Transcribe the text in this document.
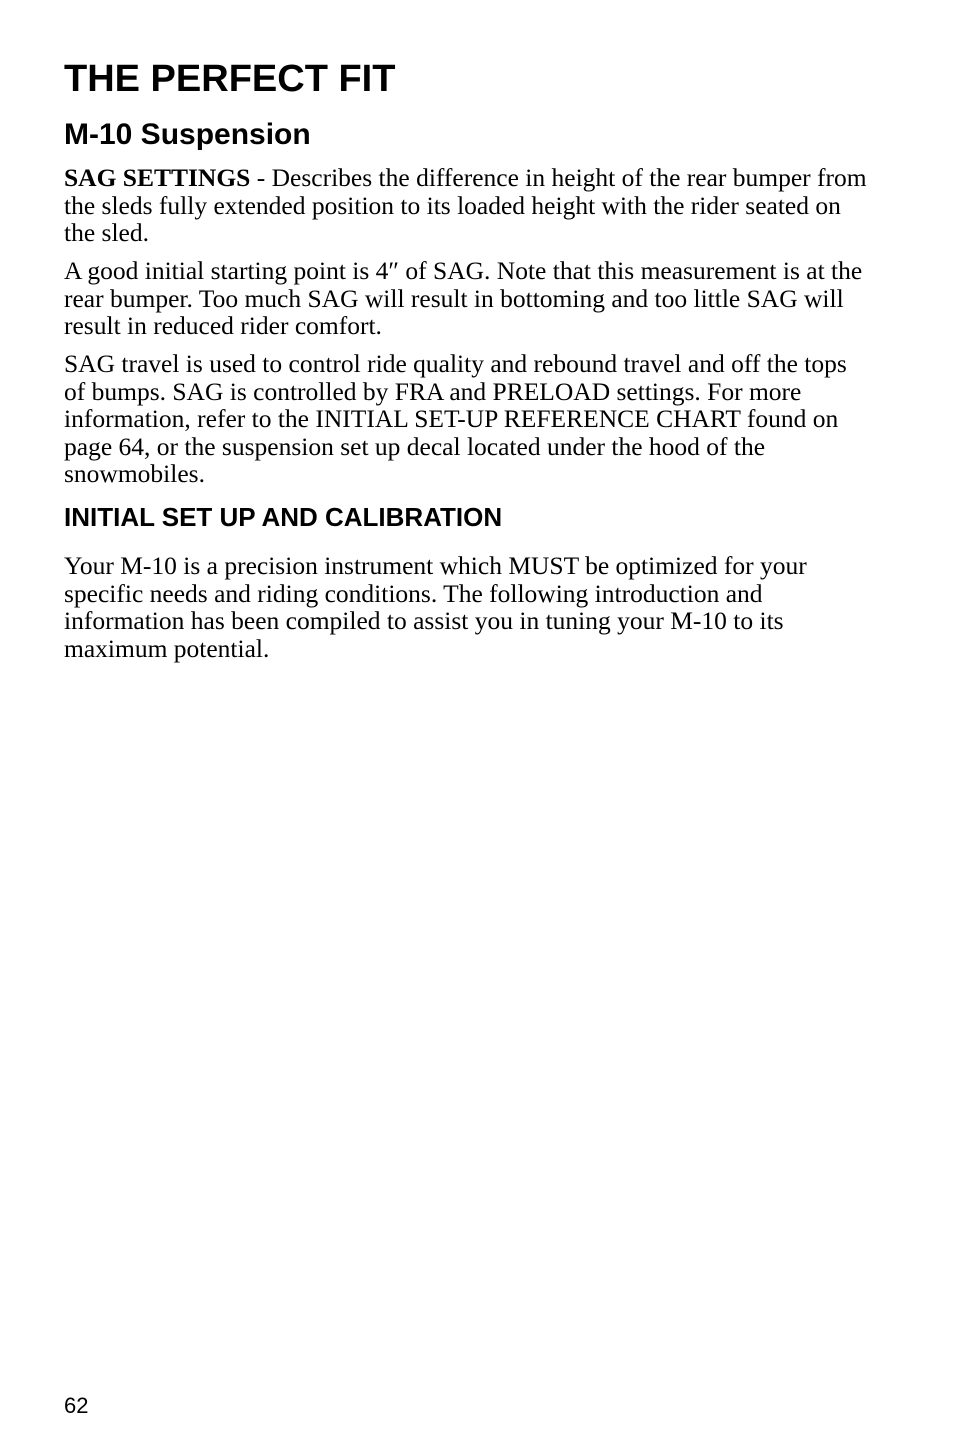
THE PERFECT FIT
M-10 Suspension

SAG SETTINGS - Describes the difference in height of the rear bumper from the sleds fully extended position to its loaded height with the rider seated on the sled.

A good initial starting point is 4″ of SAG. Note that this measurement is at the rear bumper. Too much SAG will result in bottoming and too little SAG will result in reduced rider comfort.

SAG travel is used to control ride quality and rebound travel and off the tops of bumps. SAG is controlled by FRA and PRELOAD settings. For more information, refer to the INITIAL SET-UP REFERENCE CHART found on page 64, or the suspension set up decal located under the hood of the snowmobiles.

INITIAL SET UP AND CALIBRATION

Your M-10 is a precision instrument which MUST be optimized for your specific needs and riding conditions. The following introduction and information has been compiled to assist you in tuning your M-10 to its maximum potential.

62
